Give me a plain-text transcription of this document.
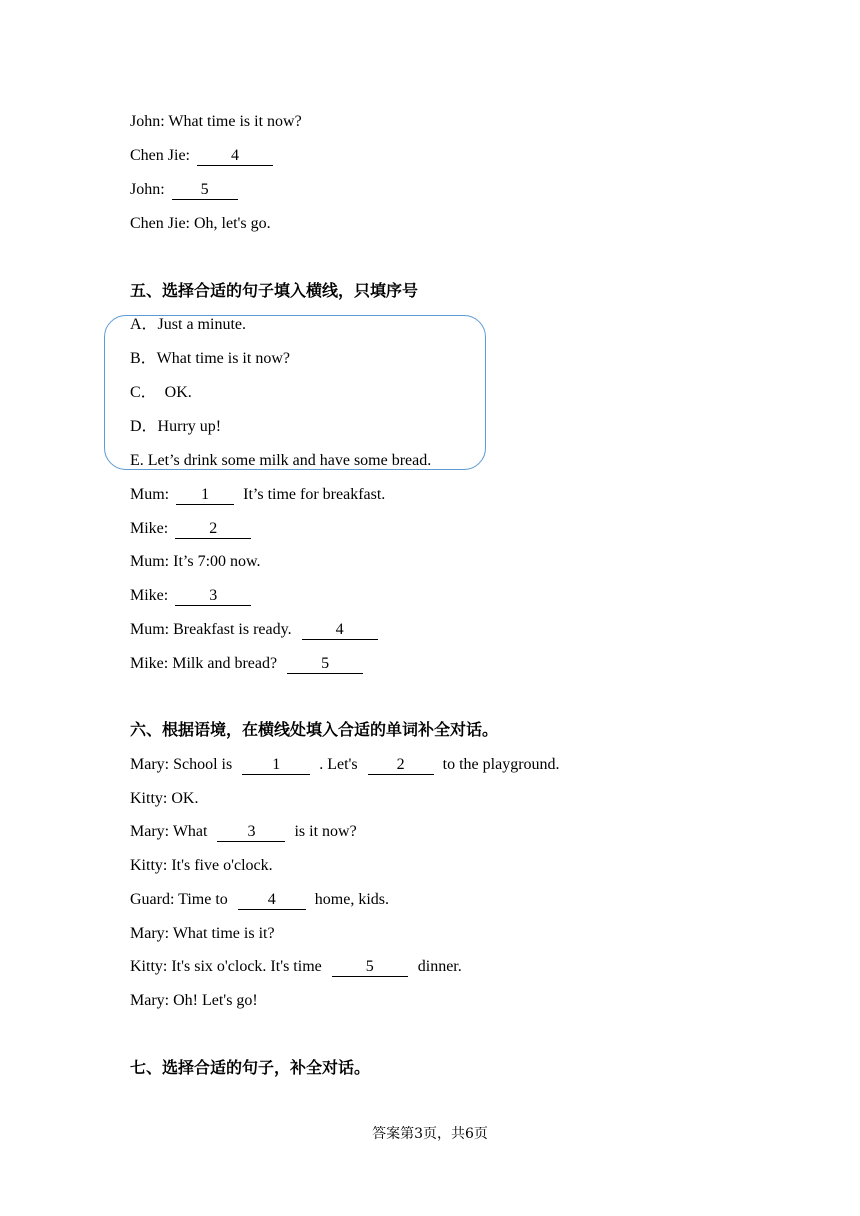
John: What time is it now?
Chen Jie: 4
John: 5
Chen Jie: Oh, let's go.
五、选择合适的句子填入横线，只填序号
A．Just a minute.
B．What time is it now?
C．  OK.
D．Hurry up!
E. Let’s drink some milk and have some bread.
Mum: 1 It’s time for breakfast.
Mike: 2
Mum: It’s 7:00 now.
Mike: 3
Mum: Breakfast is ready.	4
Mike: Milk and bread?	5
六、根据语境，在横线处填入合适的单词补全对话。
Mary: School is 1 . Let's 2 to the playground.
Kitty: OK.
Mary: What 3 is it now?
Kitty: It's five o'clock.
Guard: Time to 4 home, kids.
Mary: What time is it?
Kitty: It's six o'clock. It's time	5	dinner.
Mary: Oh! Let's go!
七、选择合适的句子，补全对话。
答案第3页，共6页
